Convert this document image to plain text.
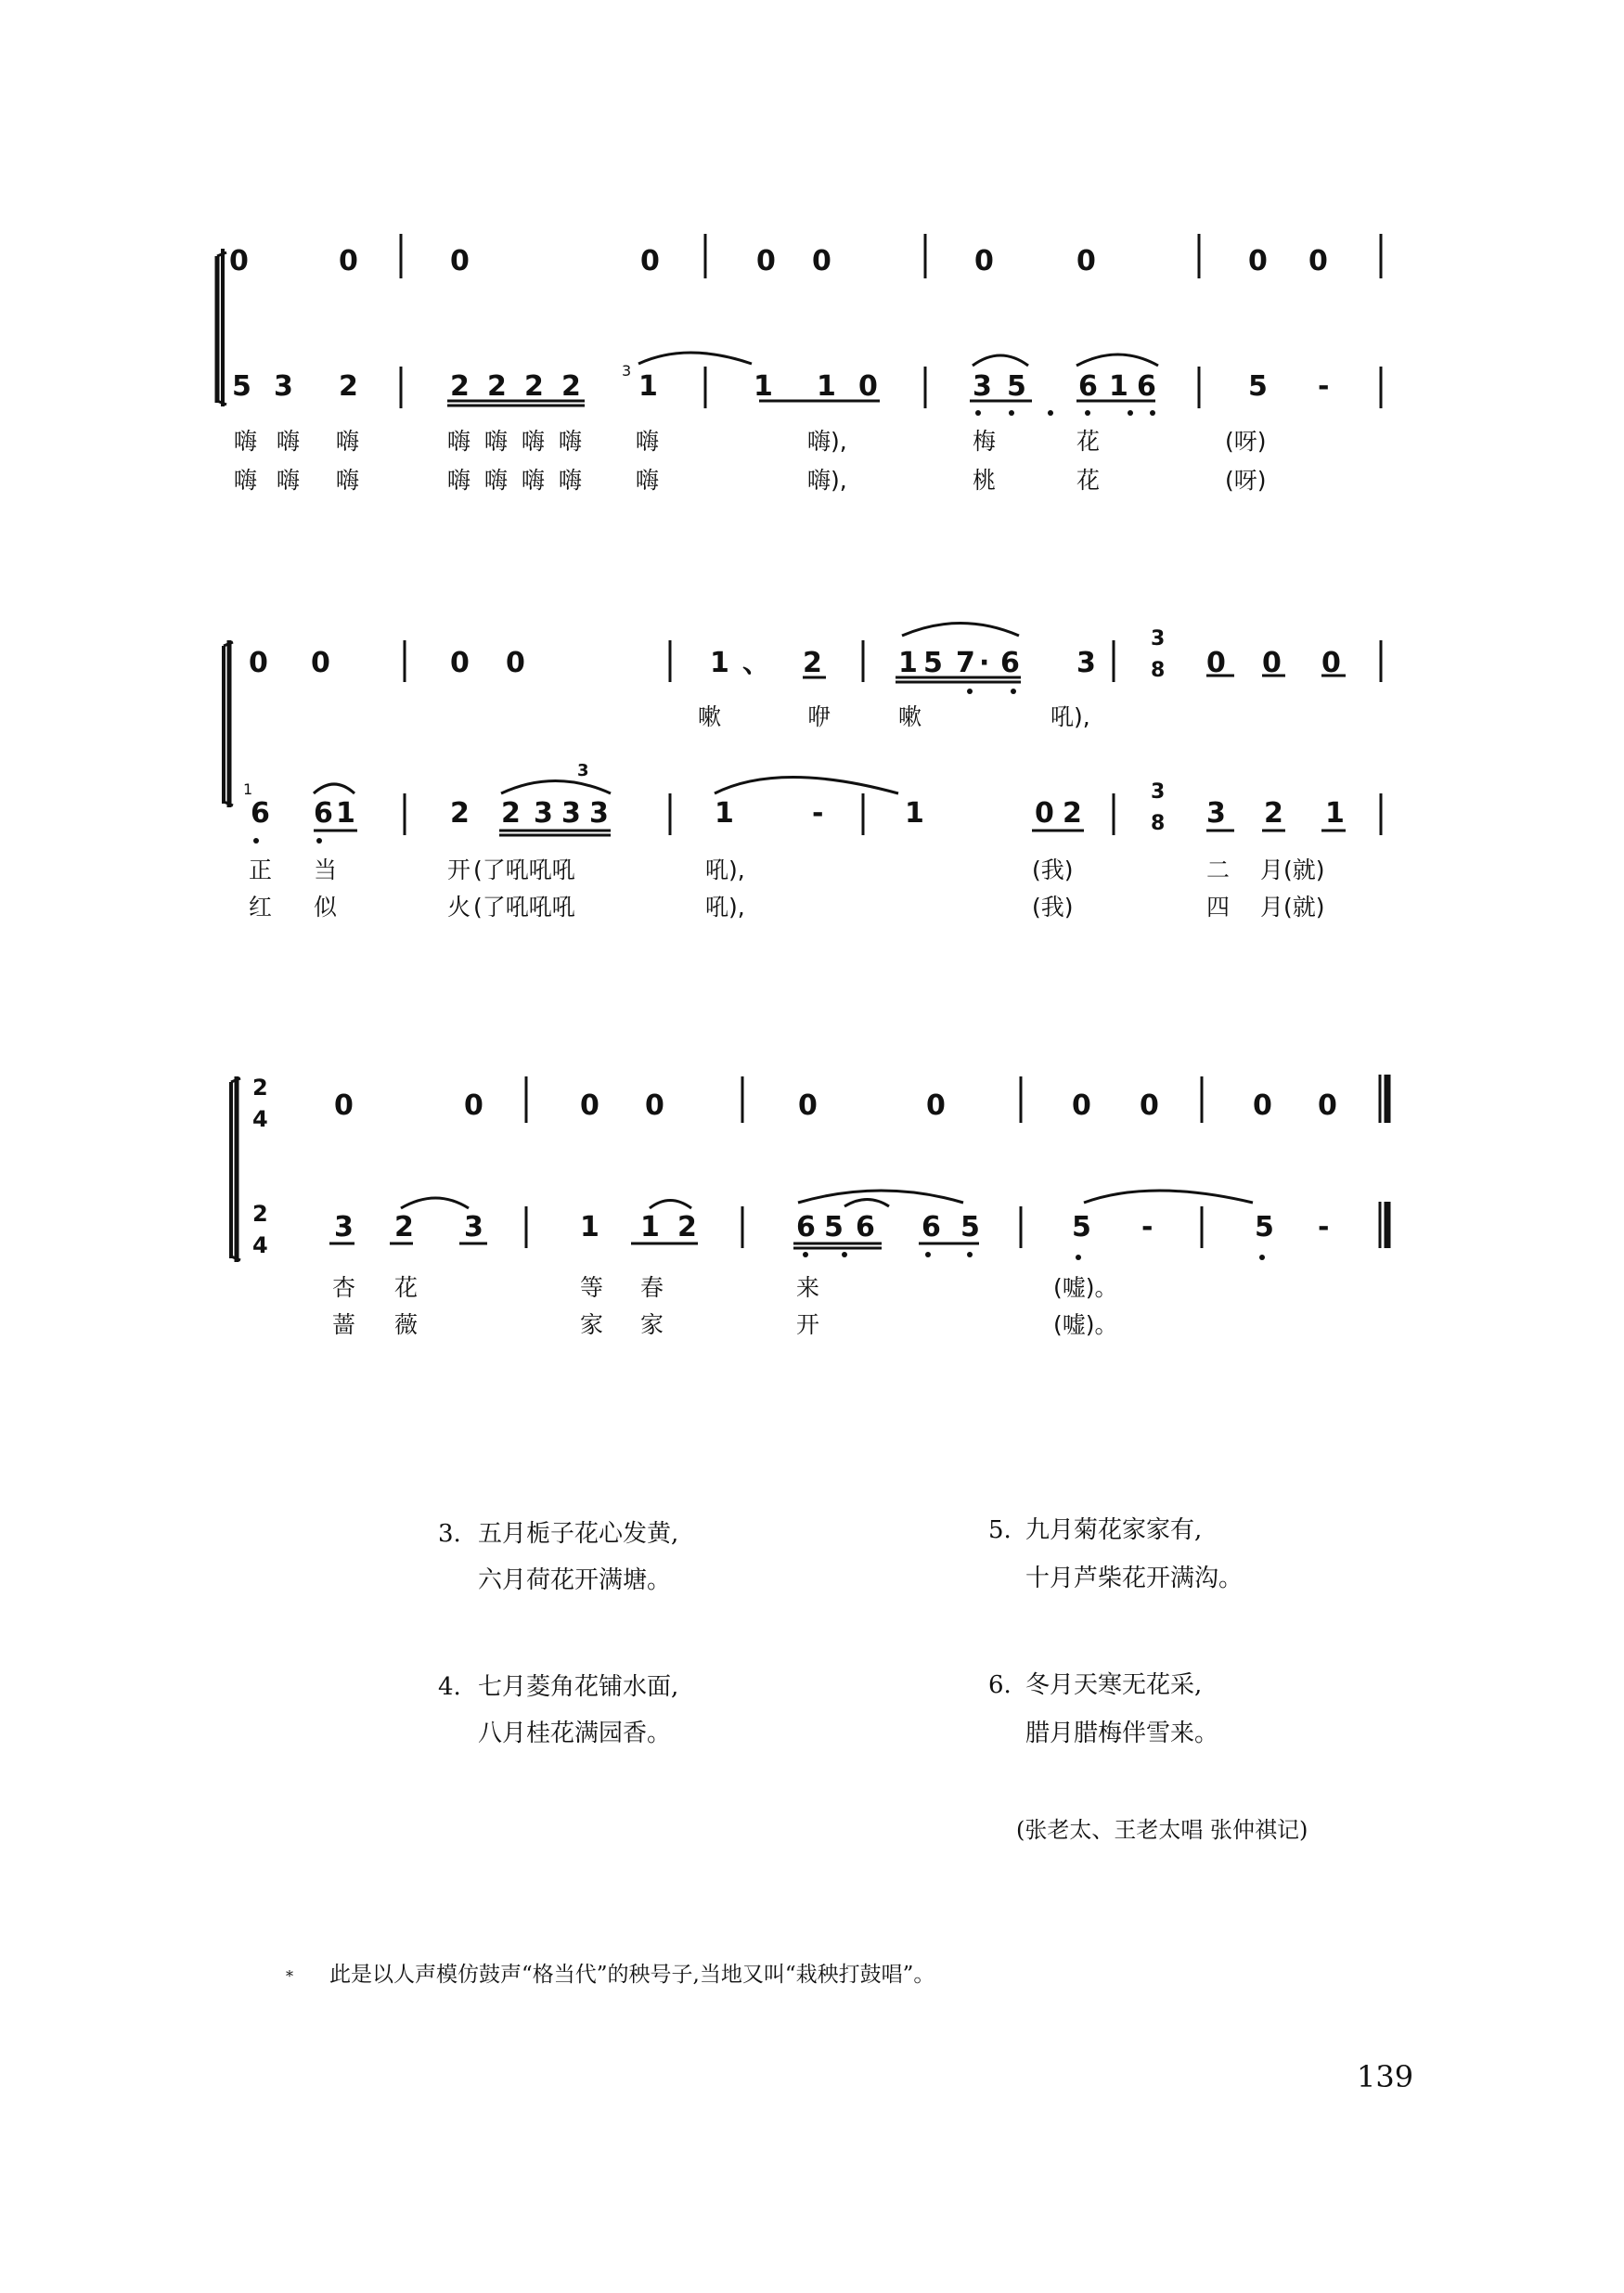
3
0	0	0	0	0 0	0	0	0 0
5 3 2	2 2 2 2	3 1	1 1 0	3 5 6 1 6	5 -
嗨 嗨 嗨	嗨 嗨 嗨 嗨 嗨	嗨),	梅	花	(呀)
嗨 嗨 嗨	嗨 嗨 嗨 嗨 嗨	嗨),	桃	花	(呀)
0 0	0 0	1 、 2	1 5 7 · 6 3	0 0 0
3
8
嗽	咿	嗽	吼),
1
6 6 1	2 2 3 3 3	1	-	1	0 2	3 2 1
3
8
正 当	开 (了吼吼吼	吼),	(我)	二 月(就)
红 似	火 (了吼吼吼	吼),	(我)	四 月(就)
2
4 0	0	0 0	0	0	0 0	0 0
2
4
3 2 3	1 1 2	6 5 6 6 5	5 -	5 -
杏 花	等 春	来	(嘘)。
蔷 薇	家 家	开	(嘘)。
3. 五月栀子花心发黄,
六月荷花开满塘。
4. 七月菱角花铺水面,
八月桂花满园香。
5. 九月菊花家家有,
十月芦柴花开满沟。
6. 冬月天寒无花采,
腊月腊梅伴雪来。
(张老太、王老太唱 张仲祺记)
* 此是以人声模仿鼓声“格当代”的秧号子,当地又叫“栽秧打鼓唱”。
139
